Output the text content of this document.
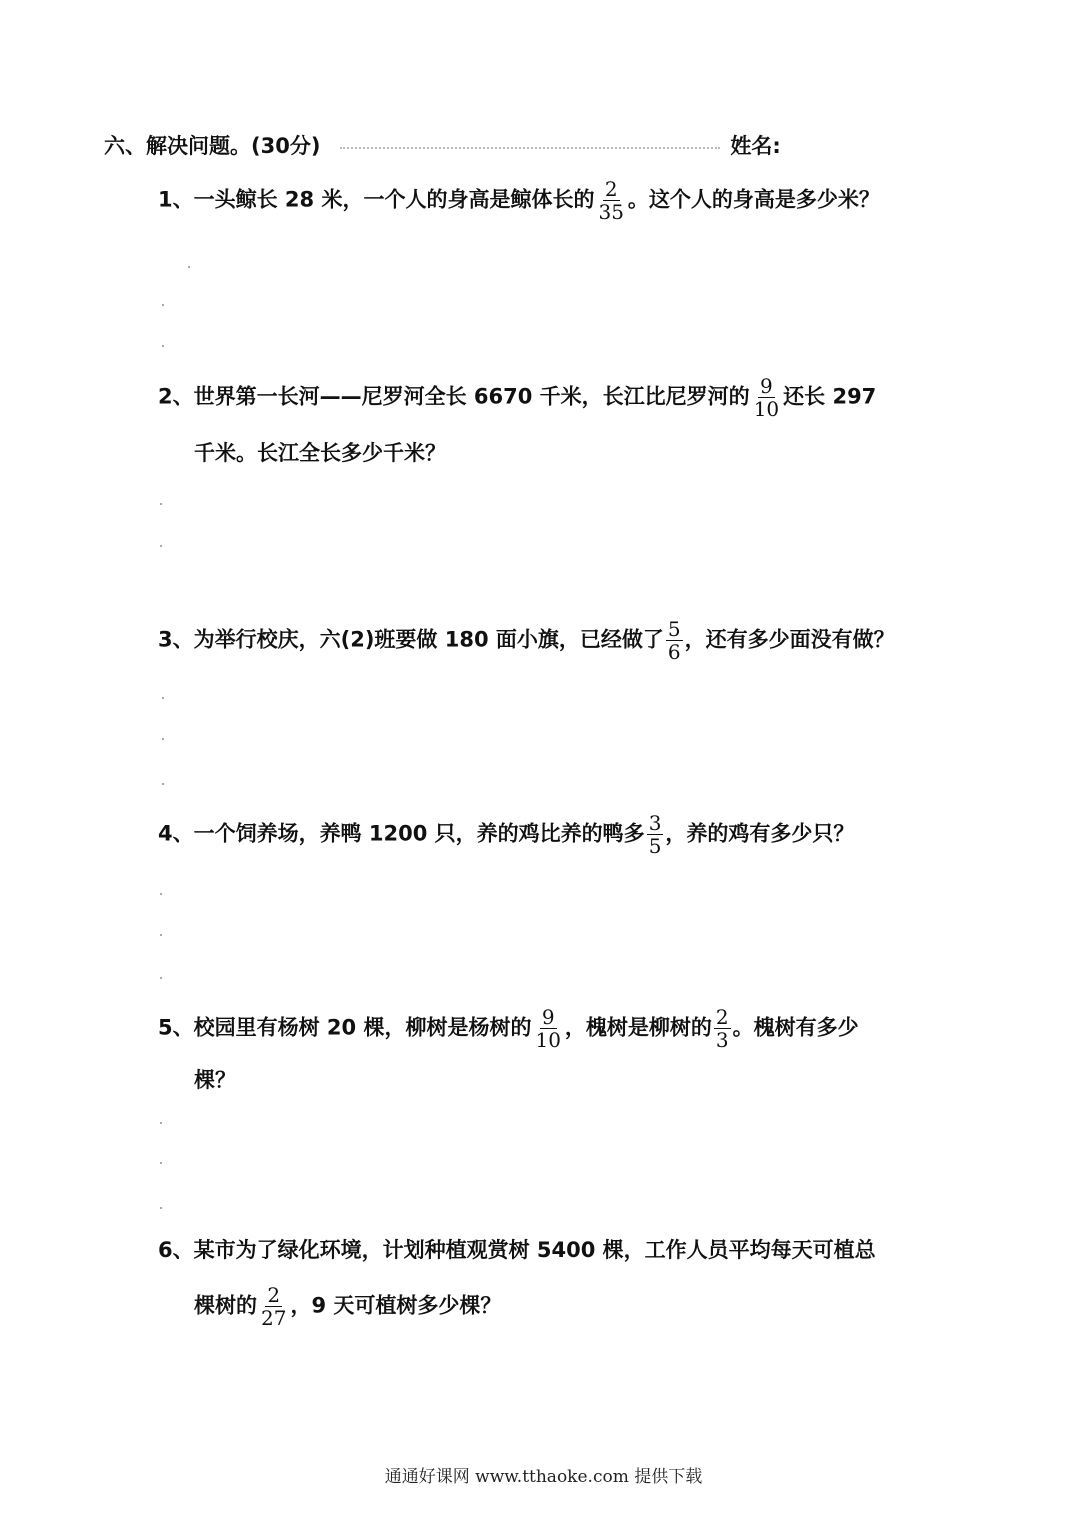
六、解决问题。(30分)	姓名:
1、一头鲸长 28 米，一个人的身高是鲸体长的 $\frac{2}{35}$ 。这个人的身高是多少米？
2、世界第一长河——尼罗河全长 6670 千米，长江比尼罗河的 $\frac{9}{10}$ 还长 297
千米。长江全长多少千米？
3、为举行校庆，六(2)班要做 180 面小旗，已经做了 $\frac{5}{6}$ ，还有多少面没有做？
4、一个饲养场，养鸭 1200 只，养的鸡比养的鸭多 $\frac{3}{5}$ ，养的鸡有多少只？
5、校园里有杨树 20 棵，柳树是杨树的 $\frac{9}{10}$ ，槐树是柳树的 $\frac{2}{3}$ 。槐树有多少
棵？
6、某市为了绿化环境，计划种植观赏树 5400 棵，工作人员平均每天可植总
棵树的 $\frac{2}{27}$ ，9 天可植树多少棵？
通通好课网 www.tthaoke.com 提供下载
